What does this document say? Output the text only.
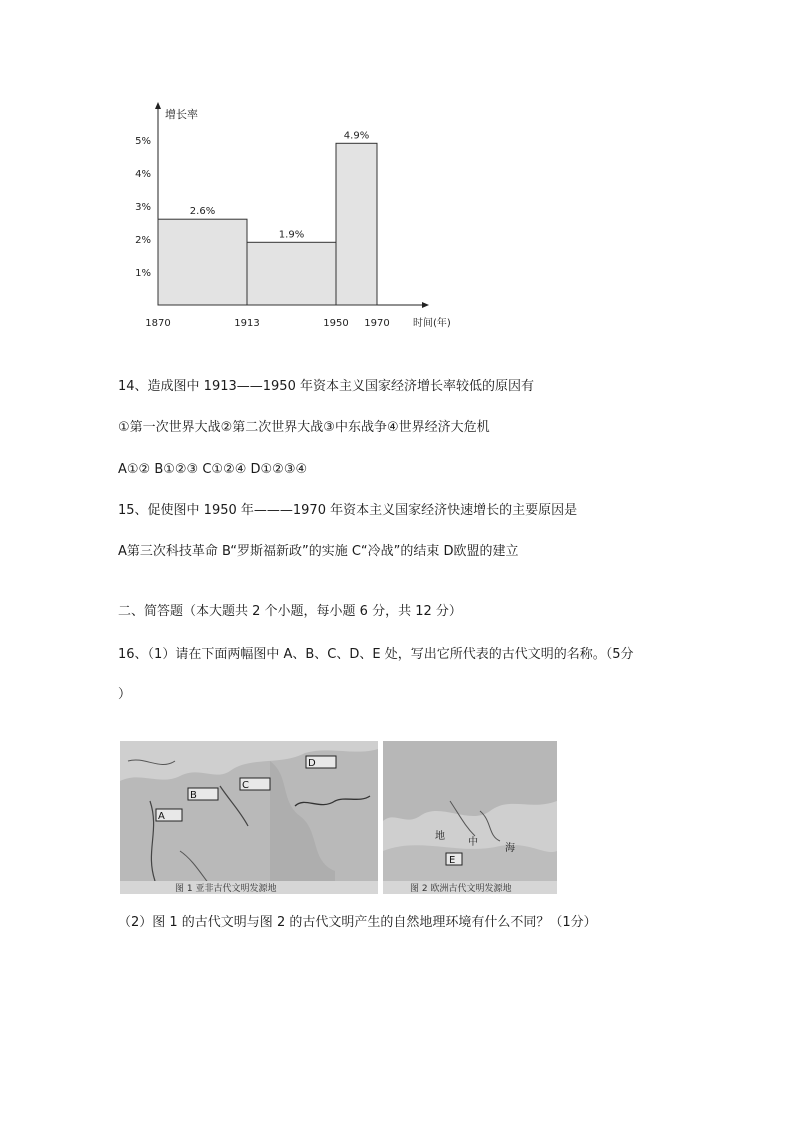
增长率
时间(年)
1%
2%
3%
4%
5%
1870	1913	1950 1970
2.6%
1.9%
4.9%
14、造成图中 1913——1950 年资本主义国家经济增长率较低的原因有
①第一次世界大战②第二次世界大战③中东战争④世界经济大危机
A①② B①②③ C①②④ D①②③④
15、促使图中 1950 年———1970 年资本主义国家经济快速增长的主要原因是
A第三次科技革命 B“罗斯福新政”的实施 C“冷战”的结束 D欧盟的建立
二、简答题（本大题共 2 个小题，每小题 6 分，共 12 分）
16、（1）请在下面两幅图中 A、B、C、D、E 处，写出它所代表的古代文明的名称。（5分
）
A
B
C
D
图 1 亚非古代文明发源地
E
地
中
海
图 2 欧洲古代文明发源地
（2）图 1 的古代文明与图 2 的古代文明产生的自然地理环境有什么不同？（1分）
